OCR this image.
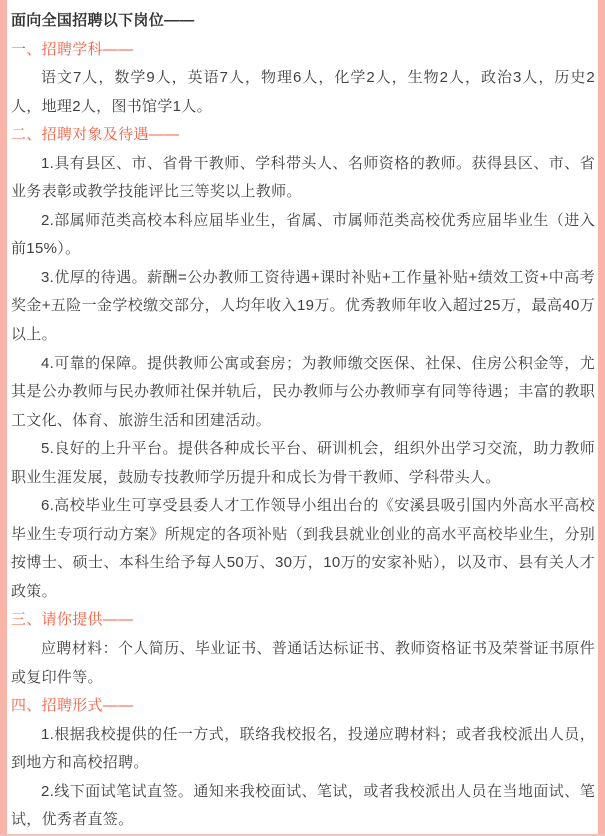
面向全国招聘以下岗位——

一、招聘学科——

语文7人，数学9人，英语7人，物理6人，化学2人，生物2人，政治3人，历史2人，地理2人，图书馆学1人。

二、招聘对象及待遇——

1.具有县区、市、省骨干教师、学科带头人、名师资格的教师。获得县区、市、省业务表彰或教学技能评比三等奖以上教师。

2.部属师范类高校本科应届毕业生，省属、市属师范类高校优秀应届毕业生（进入前15%）。

3.优厚的待遇。薪酬=公办教师工资待遇+课时补贴+工作量补贴+绩效工资+中高考奖金+五险一金学校缴交部分，人均年收入19万。优秀教师年收入超过25万，最高40万以上。

4.可靠的保障。提供教师公寓或套房；为教师缴交医保、社保、住房公积金等，尤其是公办教师与民办教师社保并轨后，民办教师与公办教师享有同等待遇；丰富的教职工文化、体育、旅游生活和团建活动。

5.良好的上升平台。提供各种成长平台、研训机会，组织外出学习交流，助力教师职业生涯发展，鼓励专技教师学历提升和成长为骨干教师、学科带头人。

6.高校毕业生可享受县委人才工作领导小组出台的《安溪县吸引国内外高水平高校毕业生专项行动方案》所规定的各项补贴（到我县就业创业的高水平高校毕业生，分别按博士、硕士、本科生给予每人50万、30万，10万的安家补贴），以及市、县有关人才政策。

三、请你提供——

应聘材料：个人简历、毕业证书、普通话达标证书、教师资格证书及荣誉证书原件或复印件等。

四、招聘形式——

1.根据我校提供的任一方式，联络我校报名，投递应聘材料；或者我校派出人员，到地方和高校招聘。

2.线下面试笔试直签。通知来我校面试、笔试，或者我校派出人员在当地面试、笔试，优秀者直签。
